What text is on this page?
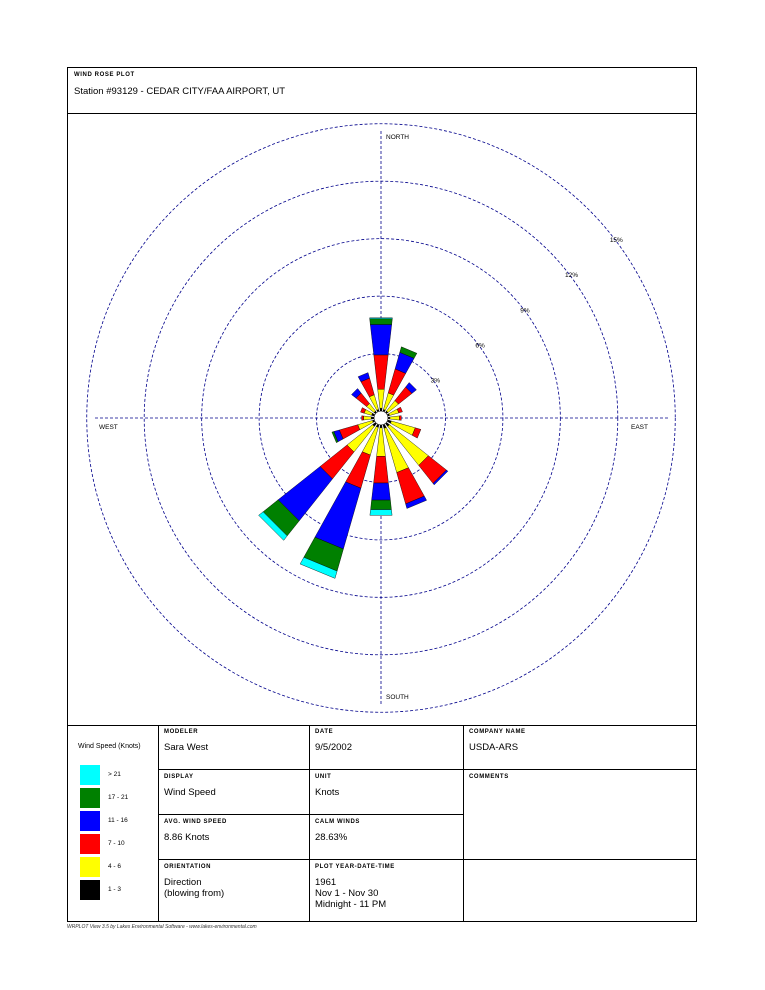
WIND ROSE PLOT
Station #93129 - CEDAR CITY/FAA AIRPORT, UT
NORTH
SOUTH
EAST
WEST
3%
6%
9%
12%
15%
Wind Speed (Knots)
> 21
17 - 21
11 - 16
7 - 10
4 - 6
1 - 3
MODELER
Sara West
DATE
9/5/2002
COMPANY NAME
USDA-ARS
DISPLAY
Wind Speed
UNIT
Knots
COMMENTS
AVG. WIND SPEED
8.86 Knots
CALM WINDS
28.63%
ORIENTATION
Direction
(blowing from)
PLOT YEAR-DATE-TIME
1961
Nov 1 - Nov 30
Midnight - 11 PM
WRPLOT View 3.5 by Lakes Environmental Software - www.lakes-environmental.com
